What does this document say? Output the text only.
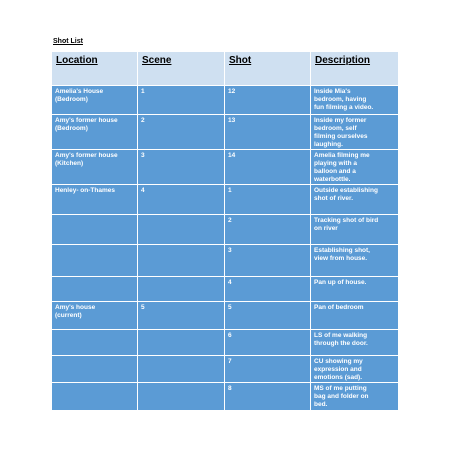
Shot List
Location	Scene	Shot	Description

Amelia's House
(Bedroom)	1	12	Inside Mia's
bedroom, having
fun filming a video.

Amy's former house
(Bedroom)	2	13	Inside my former
bedroom, self
filming ourselves
laughing.

Amy's former house
(Kitchen)	3	14	Amelia filming me
playing with a
balloon and a
waterbottle.

Henley- on-Thames	4	1	Outside establishing
shot of river.

		2	Tracking shot of bird
on river

		3	Establishing shot,
view from house.

		4	Pan up of house.

Amy's house
(current)	5	5	Pan of bedroom

		6	LS of me walking
through the door.

		7	CU showing my
expression and
emotions (sad).

		8	MS of me putting
bag and folder on
bed.
